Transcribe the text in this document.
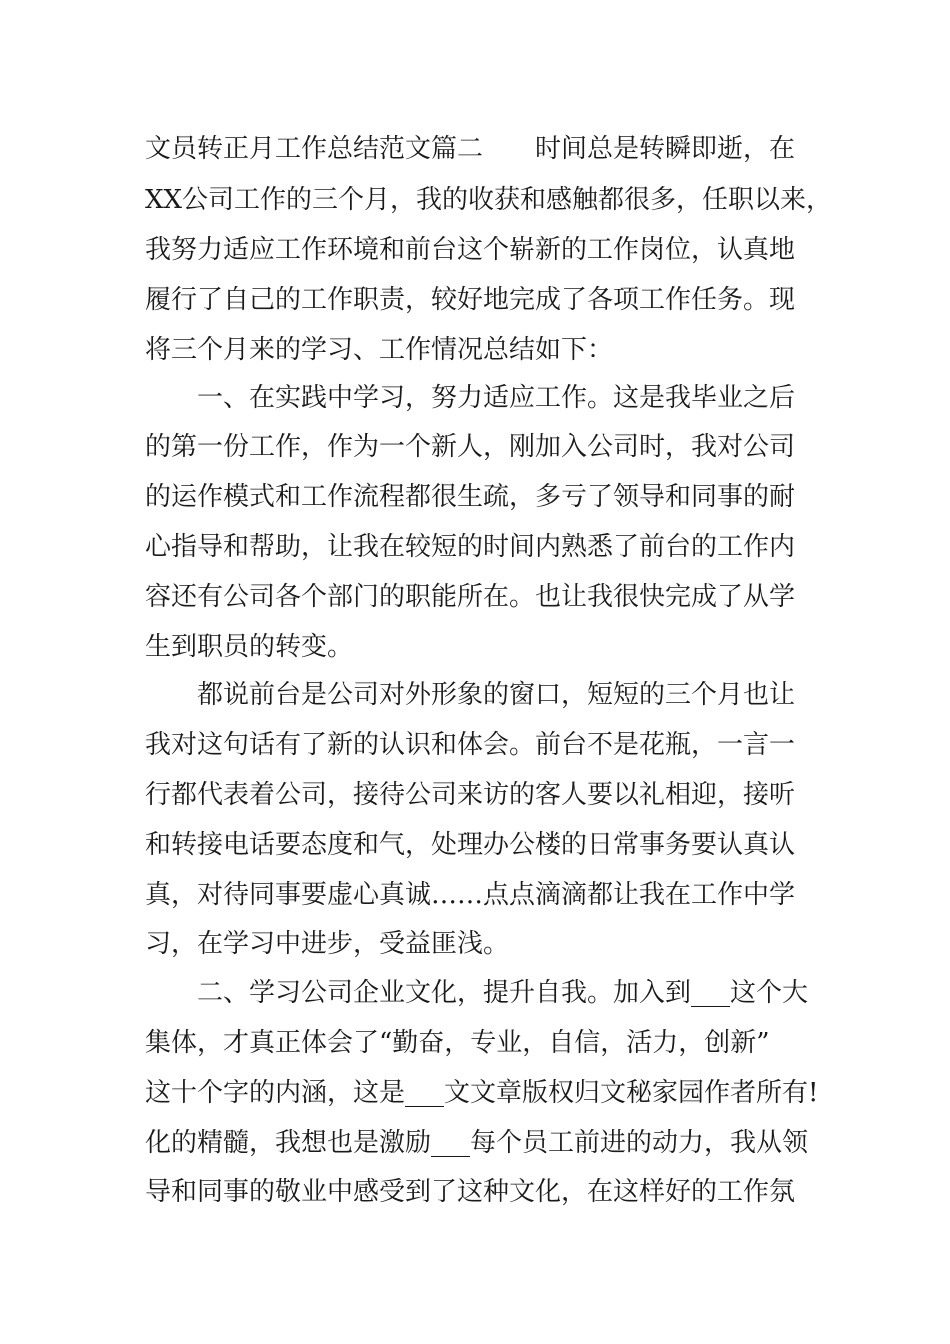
文员转正月工作总结范文篇二　　时间总是转瞬即逝，在
XX公司工作的三个月，我的收获和感触都很多，任职以来，
我努力适应工作环境和前台这个崭新的工作岗位，认真地
履行了自己的工作职责，较好地完成了各项工作任务。现
将三个月来的学习、工作情况总结如下：
一、在实践中学习，努力适应工作。这是我毕业之后
的第一份工作，作为一个新人，刚加入公司时，我对公司
的运作模式和工作流程都很生疏，多亏了领导和同事的耐
心指导和帮助，让我在较短的时间内熟悉了前台的工作内
容还有公司各个部门的职能所在。也让我很快完成了从学
生到职员的转变。
都说前台是公司对外形象的窗口，短短的三个月也让
我对这句话有了新的认识和体会。前台不是花瓶，一言一
行都代表着公司，接待公司来访的客人要以礼相迎，接听
和转接电话要态度和气，处理办公楼的日常事务要认真认
真，对待同事要虚心真诚……点点滴滴都让我在工作中学
习，在学习中进步，受益匪浅。
二、学习公司企业文化，提升自我。加入到___这个大
集体，才真正体会了“勤奋，专业，自信，活力，创新”
这十个字的内涵，这是___文文章版权归文秘家园作者所有!
化的精髓，我想也是激励___每个员工前进的动力，我从领
导和同事的敬业中感受到了这种文化，在这样好的工作氛
